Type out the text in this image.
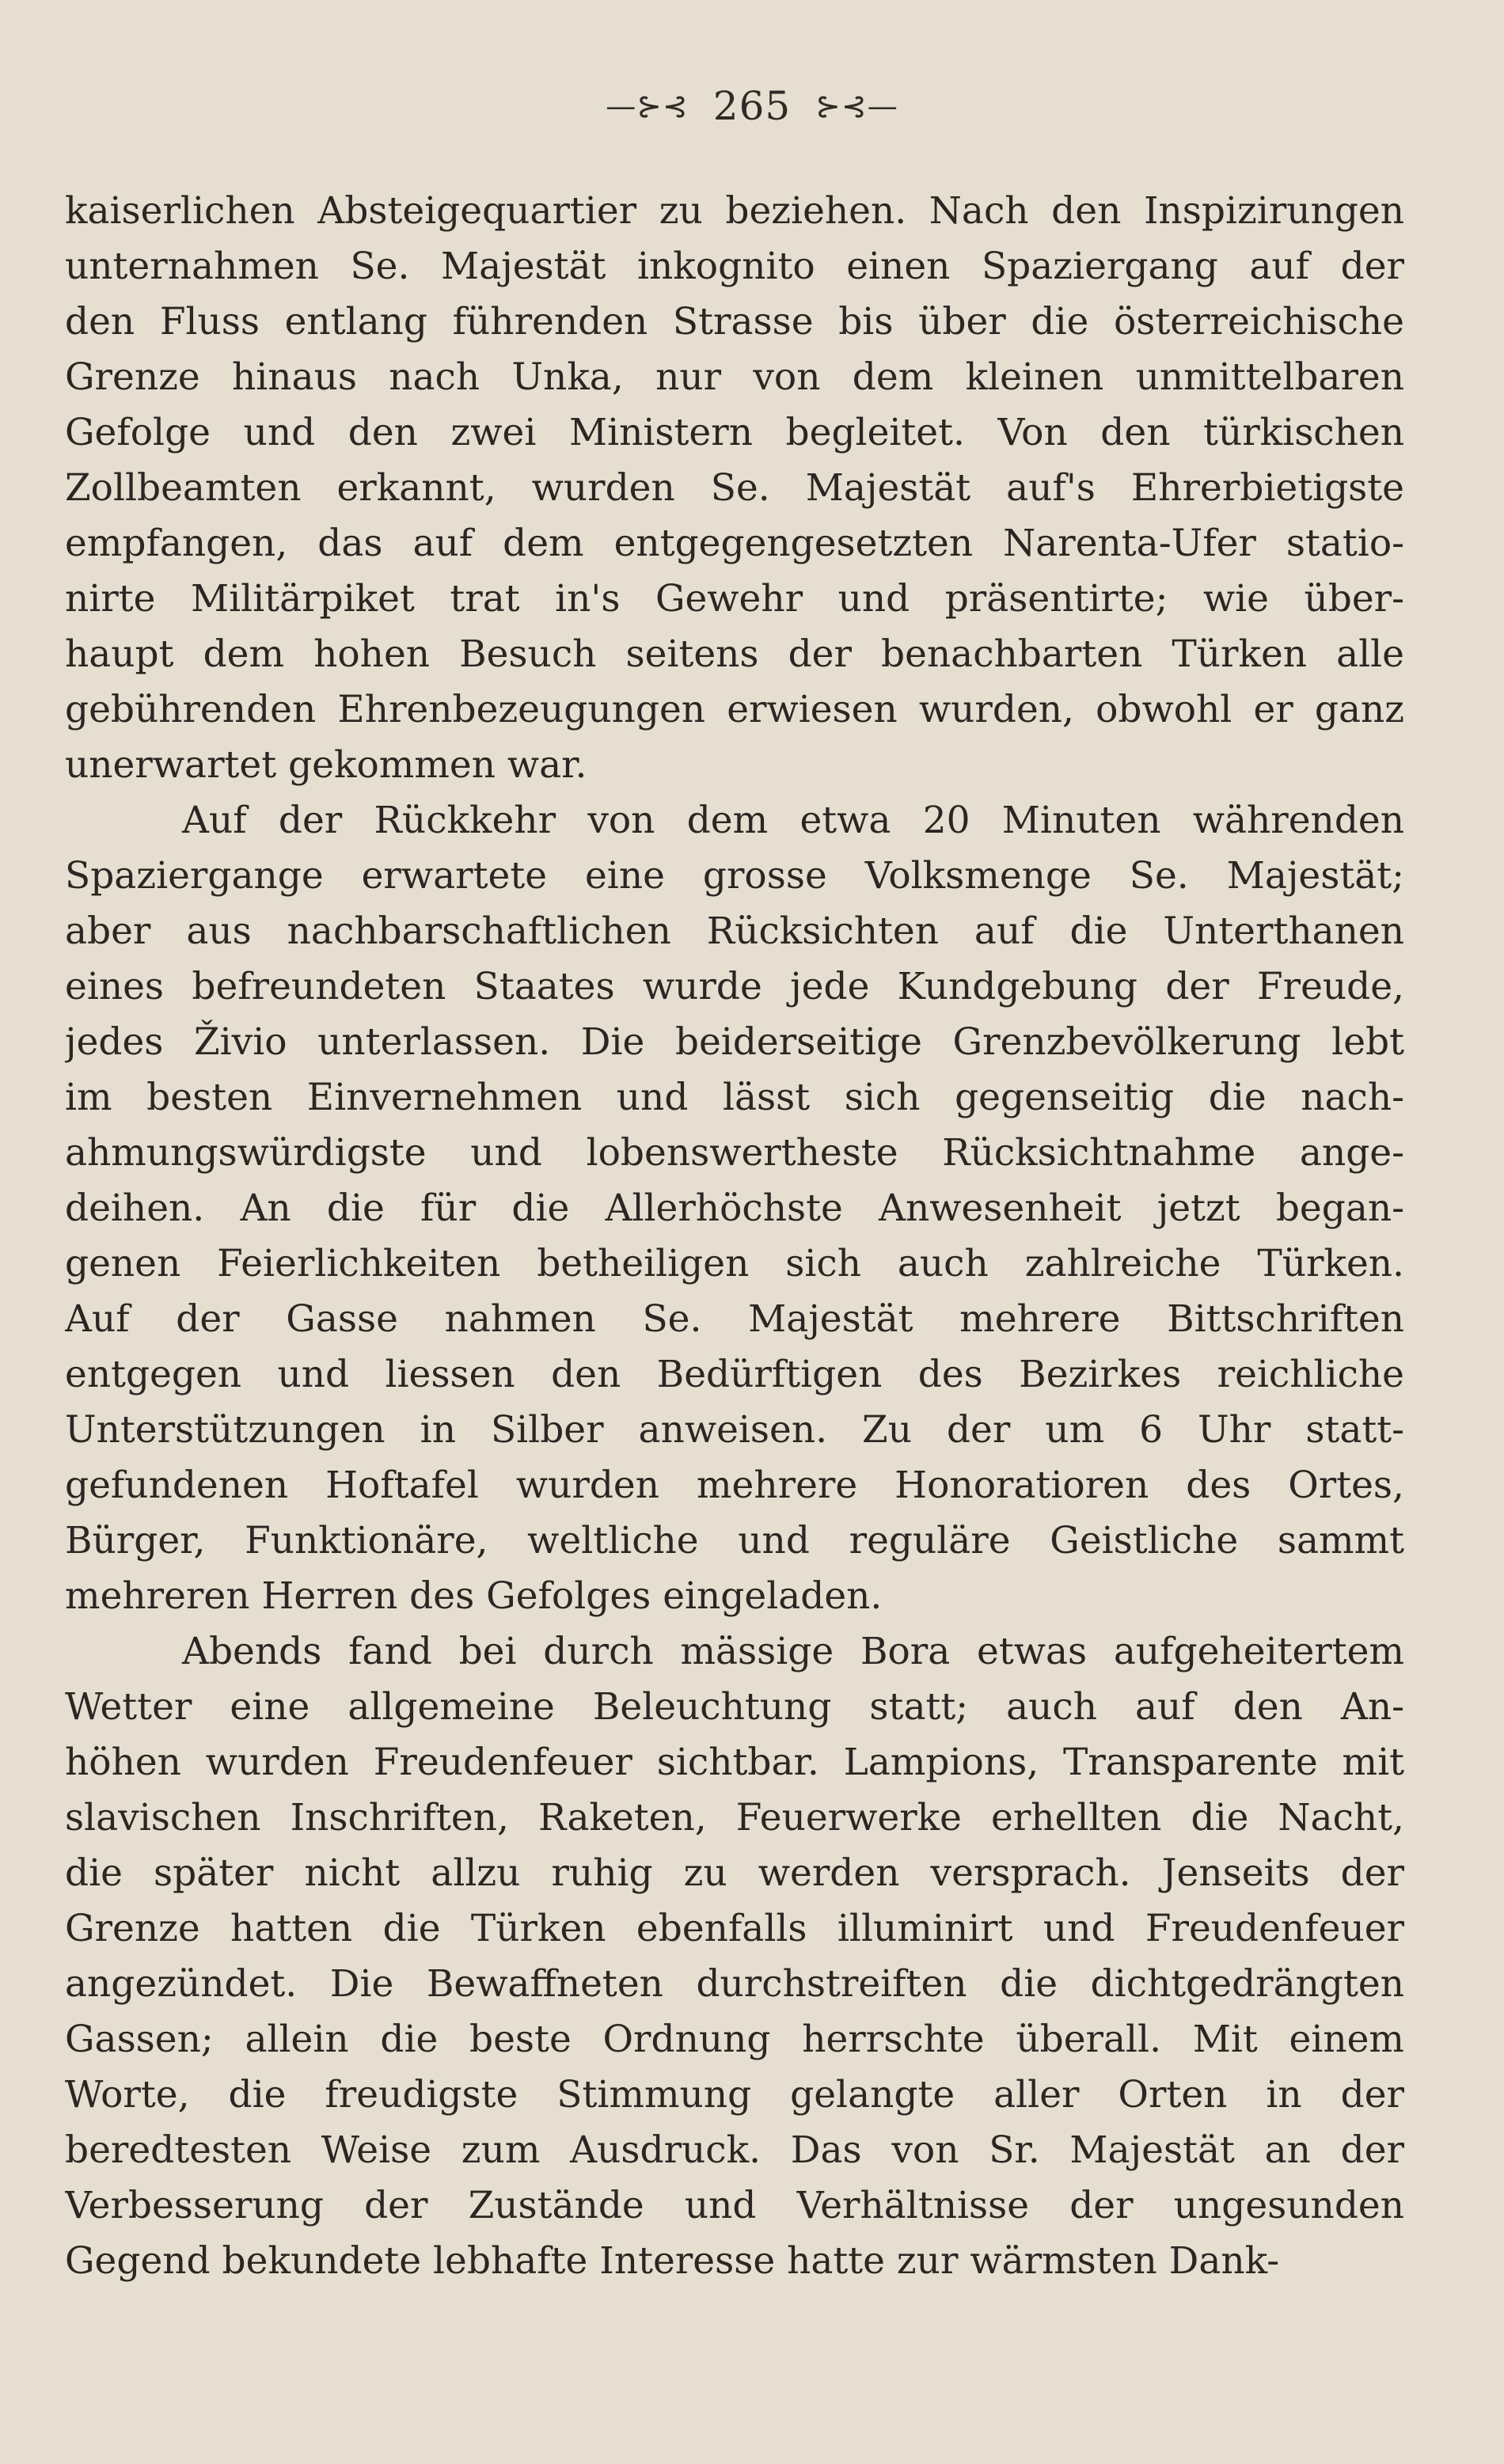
—⊱⊰ 265 ⊱⊰—
kaiserlichen Absteigequartier zu beziehen. Nach den Inspizirungen
unternahmen Se. Majestät inkognito einen Spaziergang auf der
den Fluss entlang führenden Strasse bis über die österreichische
Grenze hinaus nach Unka, nur von dem kleinen unmittelbaren
Gefolge und den zwei Ministern begleitet. Von den türkischen
Zollbeamten erkannt, wurden Se. Majestät auf's Ehrerbietigste
empfangen, das auf dem entgegengesetzten Narenta-Ufer statio-
nirte Militärpiket trat in's Gewehr und präsentirte; wie über-
haupt dem hohen Besuch seitens der benachbarten Türken alle
gebührenden Ehrenbezeugungen erwiesen wurden, obwohl er ganz
unerwartet gekommen war.
Auf der Rückkehr von dem etwa 20 Minuten währenden
Spaziergange erwartete eine grosse Volksmenge Se. Majestät;
aber aus nachbarschaftlichen Rücksichten auf die Unterthanen
eines befreundeten Staates wurde jede Kundgebung der Freude,
jedes Živio unterlassen. Die beiderseitige Grenzbevölkerung lebt
im besten Einvernehmen und lässt sich gegenseitig die nach-
ahmungswürdigste und lobenswertheste Rücksichtnahme ange-
deihen. An die für die Allerhöchste Anwesenheit jetzt began-
genen Feierlichkeiten betheiligen sich auch zahlreiche Türken.
Auf der Gasse nahmen Se. Majestät mehrere Bittschriften
entgegen und liessen den Bedürftigen des Bezirkes reichliche
Unterstützungen in Silber anweisen. Zu der um 6 Uhr statt-
gefundenen Hoftafel wurden mehrere Honoratioren des Ortes,
Bürger, Funktionäre, weltliche und reguläre Geistliche sammt
mehreren Herren des Gefolges eingeladen.
Abends fand bei durch mässige Bora etwas aufgeheitertem
Wetter eine allgemeine Beleuchtung statt; auch auf den An-
höhen wurden Freudenfeuer sichtbar. Lampions, Transparente mit
slavischen Inschriften, Raketen, Feuerwerke erhellten die Nacht,
die später nicht allzu ruhig zu werden versprach. Jenseits der
Grenze hatten die Türken ebenfalls illuminirt und Freudenfeuer
angezündet. Die Bewaffneten durchstreiften die dichtgedrängten
Gassen; allein die beste Ordnung herrschte überall. Mit einem
Worte, die freudigste Stimmung gelangte aller Orten in der
beredtesten Weise zum Ausdruck. Das von Sr. Majestät an der
Verbesserung der Zustände und Verhältnisse der ungesunden
Gegend bekundete lebhafte Interesse hatte zur wärmsten Dank-
